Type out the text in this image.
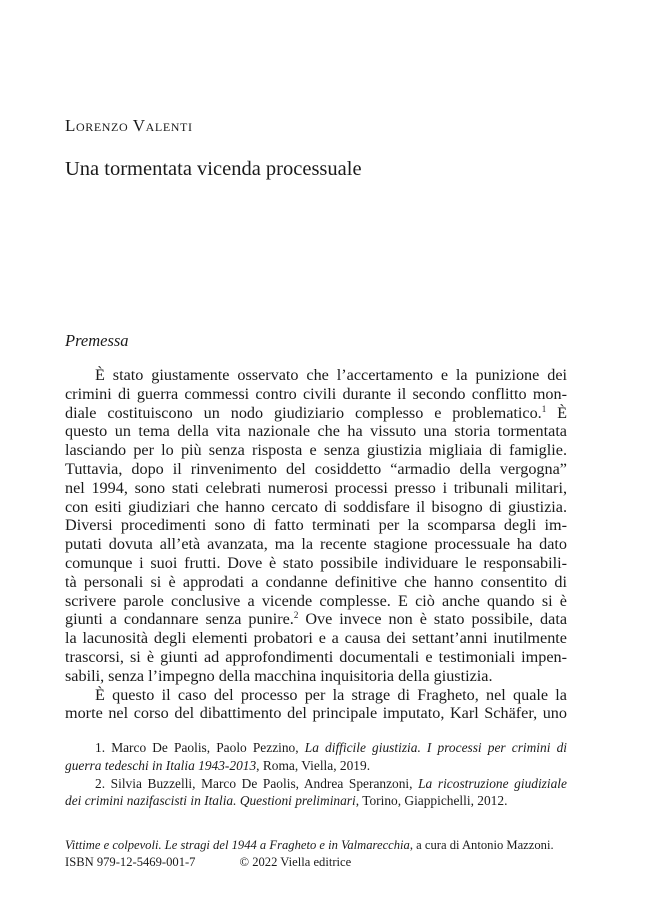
Lorenzo Valenti
Una tormentata vicenda processuale
Premessa
È stato giustamente osservato che l’accertamento e la punizione dei
crimini di guerra commessi contro civili durante il secondo conflitto mon-
diale costituiscono un nodo giudiziario complesso e problematico.$^1$ È
questo un tema della vita nazionale che ha vissuto una storia tormentata
lasciando per lo più senza risposta e senza giustizia migliaia di famiglie.
Tuttavia, dopo il rinvenimento del cosiddetto “armadio della vergogna”
nel 1994, sono stati celebrati numerosi processi presso i tribunali militari,
con esiti giudiziari che hanno cercato di soddisfare il bisogno di giustizia.
Diversi procedimenti sono di fatto terminati per la scomparsa degli im-
putati dovuta all’età avanzata, ma la recente stagione processuale ha dato
comunque i suoi frutti. Dove è stato possibile individuare le responsabili-
tà personali si è approdati a condanne definitive che hanno consentito di
scrivere parole conclusive a vicende complesse. E ciò anche quando si è
giunti a condannare senza punire.$^2$ Ove invece non è stato possibile, data
la lacunosità degli elementi probatori e a causa dei settant’anni inutilmente
trascorsi, si è giunti ad approfondimenti documentali e testimoniali impen-
sabili, senza l’impegno della macchina inquisitoria della giustizia.
È questo il caso del processo per la strage di Fragheto, nel quale la
morte nel corso del dibattimento del principale imputato, Karl Schäfer, uno
1. Marco De Paolis, Paolo Pezzino, La difficile giustizia. I processi per crimini di
guerra tedeschi in Italia 1943-2013, Roma, Viella, 2019.
2. Silvia Buzzelli, Marco De Paolis, Andrea Speranzoni, La ricostruzione giudiziale
dei crimini nazifascisti in Italia. Questioni preliminari, Torino, Giappichelli, 2012.
Vittime e colpevoli. Le stragi del 1944 a Fragheto e in Valmarecchia, a cura di Antonio Mazzoni.
ISBN 979-12-5469-001-7	© 2022 Viella editrice
